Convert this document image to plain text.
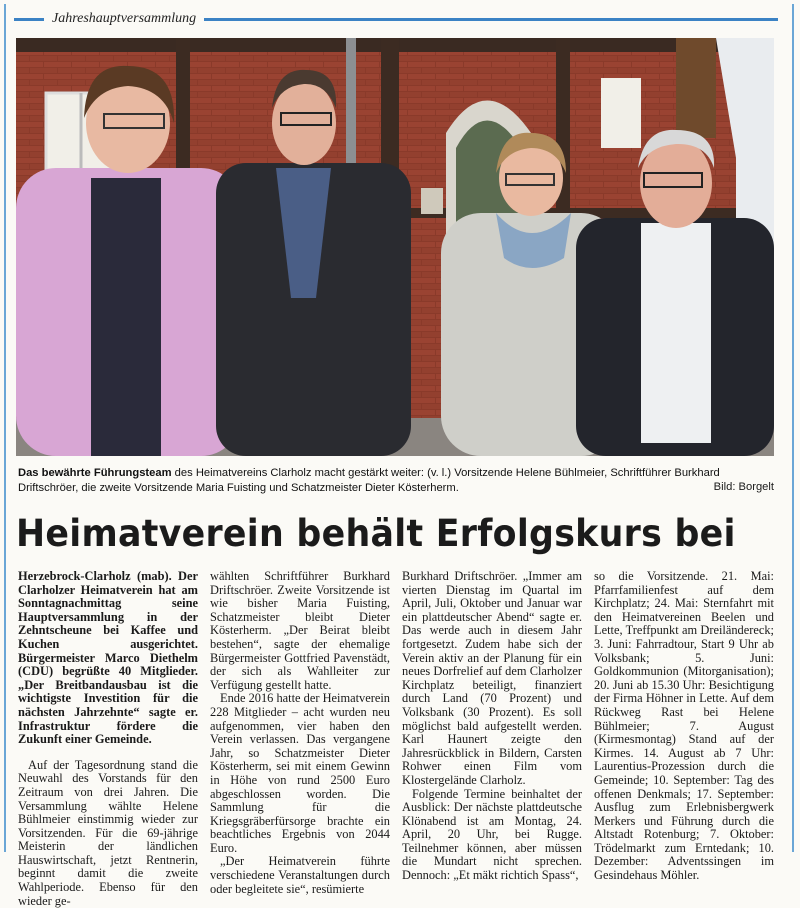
Jahreshauptversammlung
Das bewährte Führungsteam des Heimatvereins Clarholz macht gestärkt weiter: (v. l.) Vorsitzende Helene Bühlmeier, Schriftführer Burkhard Driftschröer, die zweite Vorsitzende Maria Fuisting und Schatzmeister Dieter Kösterherm.	Bild: Borgelt
Heimatverein behält Erfolgskurs bei

Herzebrock-Clarholz (mab). Der Clarholzer Heimatverein hat am Sonntagnachmittag seine Hauptversammlung in der Zehntscheune bei Kaffee und Kuchen ausgerichtet. Bürgermeister Marco Diethelm (CDU) begrüßte 40 Mitglieder. „Der Breitbandausbau ist die wichtigste Investition für die nächsten Jahrzehnte“ sagte er. Infrastruktur fördere die Zukunft einer Gemeinde.

Auf der Tagesordnung stand die Neuwahl des Vorstands für den Zeitraum von drei Jahren. Die Versammlung wählte Helene Bühlmeier einstimmig wieder zur Vorsitzenden. Für die 69-jährige Meisterin der ländlichen Hauswirtschaft, jetzt Rentnerin, beginnt damit die zweite Wahlperiode. Ebenso für den wieder ge-

wählten Schriftführer Burkhard Driftschröer. Zweite Vorsitzende ist wie bisher Maria Fuisting, Schatzmeister bleibt Dieter Kösterherm. „Der Beirat bleibt bestehen“, sagte der ehemalige Bürgermeister Gottfried Pavenstädt, der sich als Wahlleiter zur Verfügung gestellt hatte.

Ende 2016 hatte der Heimatverein 228 Mitglieder – acht wurden neu aufgenommen, vier haben den Verein verlassen. Das vergangene Jahr, so Schatzmeister Dieter Kösterherm, sei mit einem Gewinn in Höhe von rund 2500 Euro abgeschlossen worden. Die Sammlung für die Kriegsgräberfürsorge brachte ein beachtliches Ergebnis von 2044 Euro.

„Der Heimatverein führte verschiedene Veranstaltungen durch oder begleitete sie“, resümierte

Burkhard Driftschröer. „Immer am vierten Dienstag im Quartal im April, Juli, Oktober und Januar war ein plattdeutscher Abend“ sagte er. Das werde auch in diesem Jahr fortgesetzt. Zudem habe sich der Verein aktiv an der Planung für ein neues Dorfrelief auf dem Clarholzer Kirchplatz beteiligt, finanziert durch Land (70 Prozent) und Volksbank (30 Prozent). Es soll möglichst bald aufgestellt werden. Karl Haunert zeigte den Jahresrückblick in Bildern, Carsten Rohwer einen Film vom Klostergelände Clarholz.

Folgende Termine beinhaltet der Ausblick: Der nächste plattdeutsche Klönabend ist am Montag, 24. April, 20 Uhr, bei Rugge. Teilnehmer können, aber müssen die Mundart nicht sprechen. Dennoch: „Et mäkt richtich Spass“,

so die Vorsitzende. 21. Mai: Pfarrfamilienfest auf dem Kirchplatz; 24. Mai: Sternfahrt mit den Heimatvereinen Beelen und Lette, Treffpunkt am Dreiländereck; 3. Juni: Fahrradtour, Start 9 Uhr ab Volksbank; 5. Juni: Goldkommunion (Mitorganisation); 20. Juni ab 15.30 Uhr: Besichtigung der Firma Höhner in Lette. Auf dem Rückweg Rast bei Helene Bühlmeier; 7. August (Kirmesmontag) Stand auf der Kirmes. 14. August ab 7 Uhr: Laurentius-Prozession durch die Gemeinde; 10. September: Tag des offenen Denkmals; 17. September: Ausflug zum Erlebnisbergwerk Merkers und Führung durch die Altstadt Rotenburg; 7. Oktober: Trödelmarkt zum Erntedank; 10. Dezember: Adventssingen im Gesindehaus Möhler.
